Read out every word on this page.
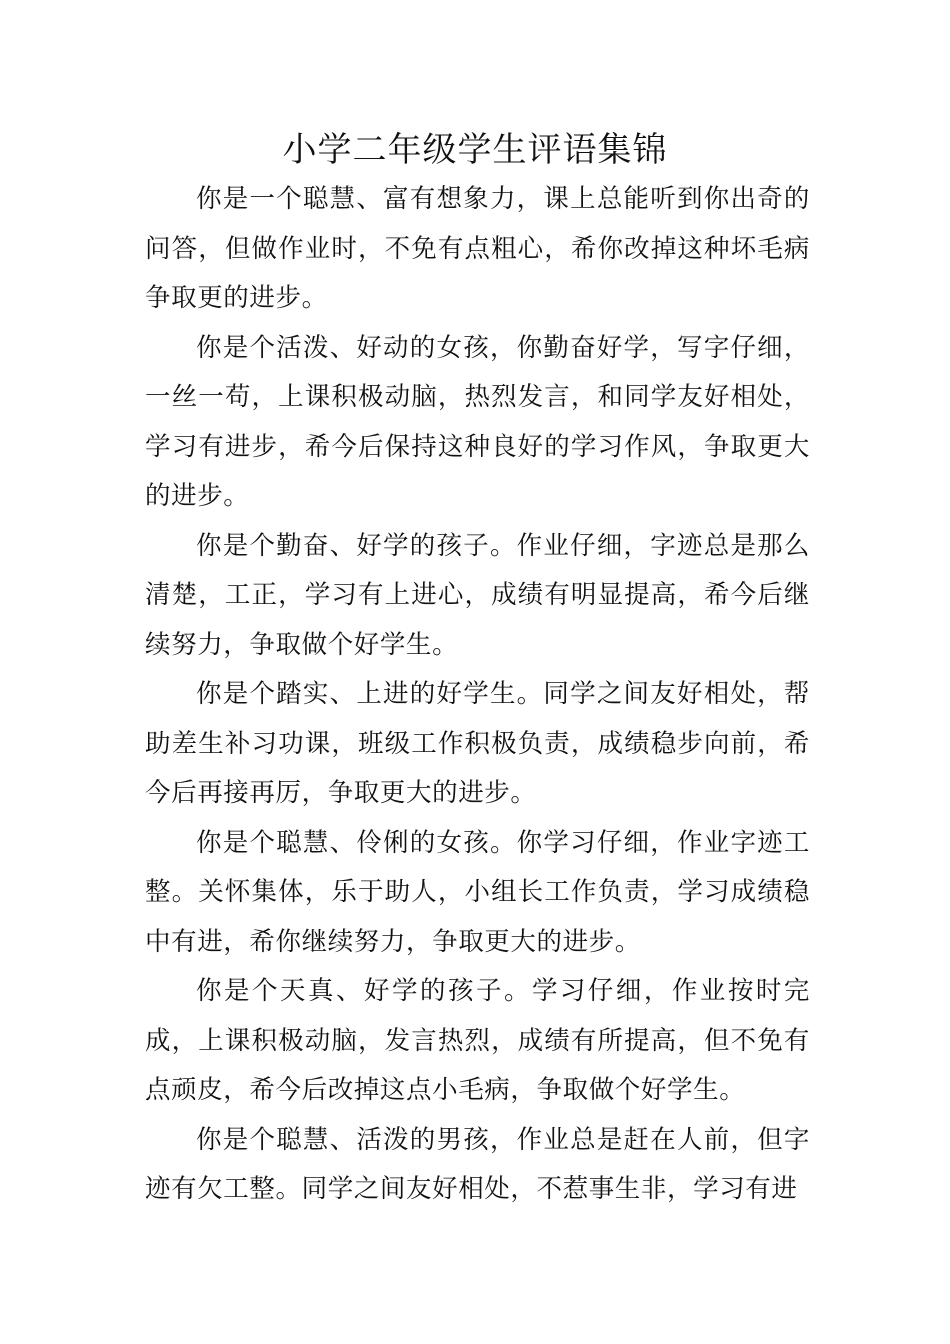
小学二年级学生评语集锦

你是一个聪慧、富有想象力，课上总能听到你出奇的问答，但做作业时，不免有点粗心，希你改掉这种坏毛病争取更的进步。

你是个活泼、好动的女孩，你勤奋好学，写字仔细，一丝一苟，上课积极动脑，热烈发言，和同学友好相处，学习有进步，希今后保持这种良好的学习作风，争取更大的进步。

你是个勤奋、好学的孩子。作业仔细，字迹总是那么清楚，工正，学习有上进心，成绩有明显提高，希今后继续努力，争取做个好学生。

你是个踏实、上进的好学生。同学之间友好相处，帮助差生补习功课，班级工作积极负责，成绩稳步向前，希今后再接再厉，争取更大的进步。

你是个聪慧、伶俐的女孩。你学习仔细，作业字迹工整。关怀集体，乐于助人，小组长工作负责，学习成绩稳中有进，希你继续努力，争取更大的进步。

你是个天真、好学的孩子。学习仔细，作业按时完成，上课积极动脑，发言热烈，成绩有所提高，但不免有点顽皮，希今后改掉这点小毛病，争取做个好学生。

你是个聪慧、活泼的男孩，作业总是赶在人前，但字迹有欠工整。同学之间友好相处，不惹事生非，学习有进
